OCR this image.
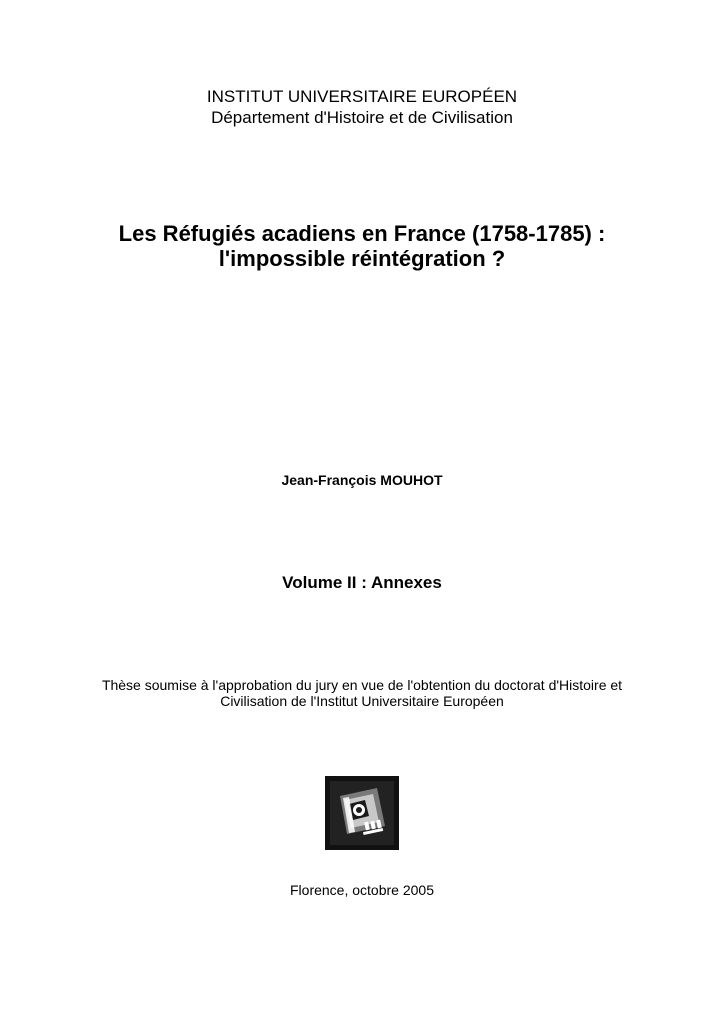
INSTITUT UNIVERSITAIRE EUROPÉEN
Département d'Histoire et de Civilisation
Les Réfugiés acadiens en France (1758-1785) :
l'impossible réintégration ?
Jean-François MOUHOT
Volume II : Annexes
Thèse soumise à l'approbation du jury en vue de l'obtention du doctorat d'Histoire et
Civilisation de l'Institut Universitaire Européen
Florence, octobre 2005
